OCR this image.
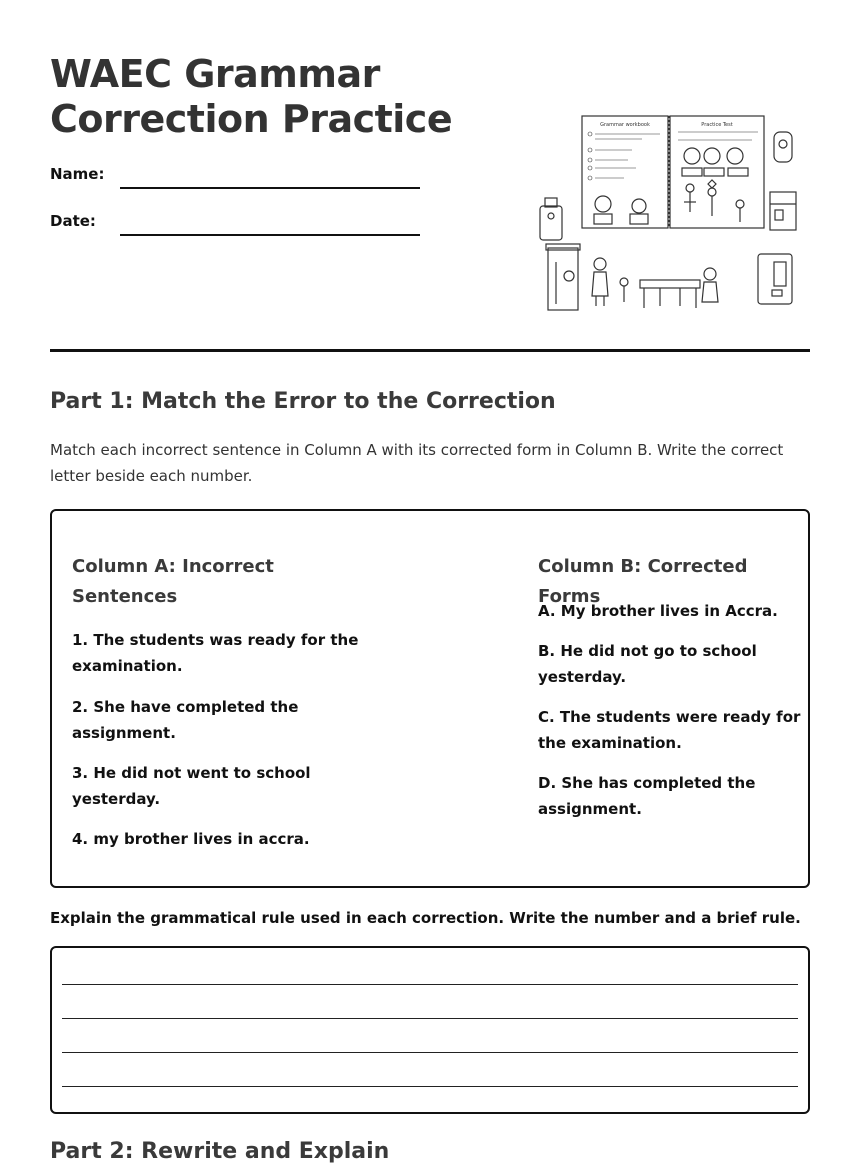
WAEC Grammar
Correction Practice
Name:
Date:
Grammar workbook	Practice Test
Part 1: Match the Error to the Correction

Match each incorrect sentence in Column A with its corrected form in Column B. Write the correct letter beside each number.

Column A: Incorrect
Sentences
1. The students was ready for the
examination.
2. She have completed the
assignment.
3. He did not went to school
yesterday.
4. my brother lives in accra.
Column B: Corrected Forms
A. My brother lives in Accra.
B. He did not go to school
yesterday.
C. The students were ready for
the examination.
D. She has completed the
assignment.

Explain the grammatical rule used in each correction. Write the number and a brief rule.

Part 2: Rewrite and Explain
